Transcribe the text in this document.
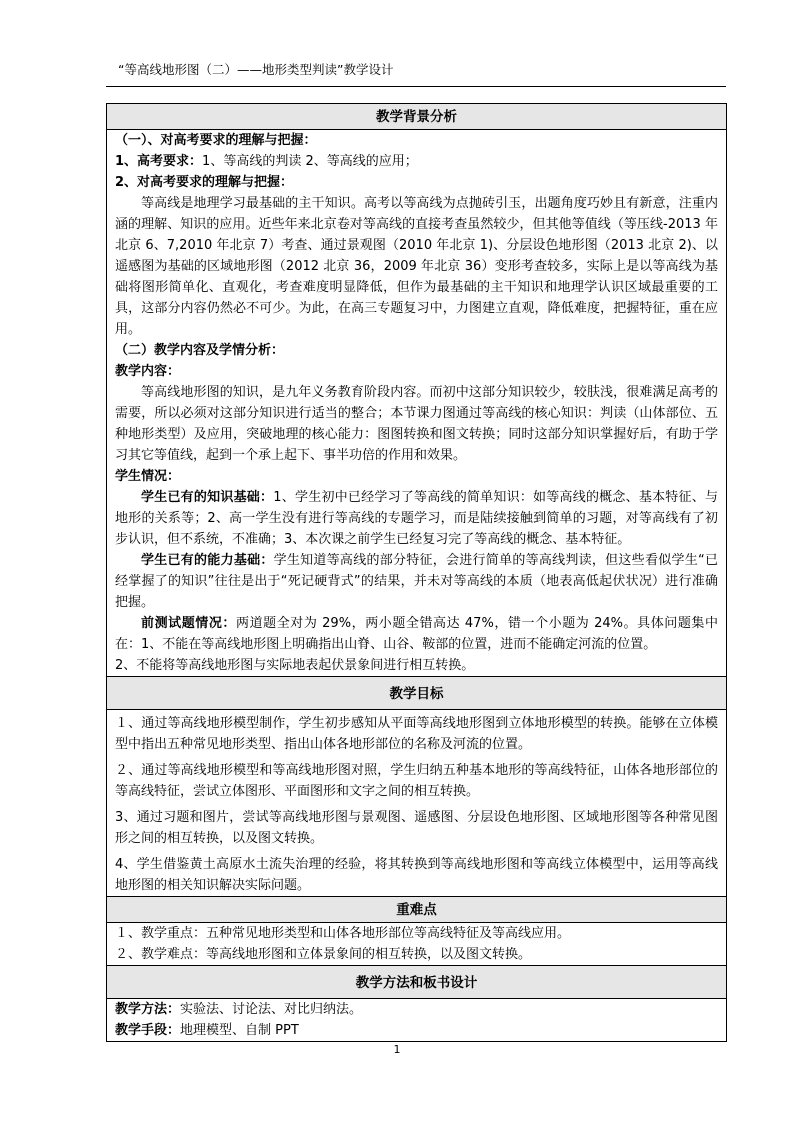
“等高线地形图（二）——地形类型判读”教学设计
教学背景分析

（一）、对高考要求的理解与把握：

1、高考要求：1、等高线的判读 2、等高线的应用；

2、对高考要求的理解与把握：

等高线是地理学习最基础的主干知识。高考以等高线为点抛砖引玉，出题角度巧妙且有新意，注重内涵的理解、知识的应用。近些年来北京卷对等高线的直接考查虽然较少，但其他等值线（等压线-2013 年北京 6、7,2010 年北京 7）考查、通过景观图（2010 年北京 1)、分层设色地形图（2013 北京 2)、以遥感图为基础的区域地形图（2012 北京 36，2009 年北京 36）变形考查较多，实际上是以等高线为基础将图形简单化、直观化，考查难度明显降低，但作为最基础的主干知识和地理学认识区域最重要的工具，这部分内容仍然必不可少。为此，在高三专题复习中，力图建立直观，降低难度，把握特征，重在应用。

（二）教学内容及学情分析：

教学内容：

等高线地形图的知识，是九年义务教育阶段内容。而初中这部分知识较少，较肤浅，很难满足高考的需要，所以必须对这部分知识进行适当的整合；本节课力图通过等高线的核心知识：判读（山体部位、五种地形类型）及应用，突破地理的核心能力：图图转换和图文转换；同时这部分知识掌握好后，有助于学习其它等值线，起到一个承上起下、事半功倍的作用和效果。

学生情况：

学生已有的知识基础：1、学生初中已经学习了等高线的简单知识：如等高线的概念、基本特征、与地形的关系等；2、高一学生没有进行等高线的专题学习，而是陆续接触到简单的习题，对等高线有了初步认识，但不系统，不准确；3、本次课之前学生已经复习完了等高线的概念、基本特征。

学生已有的能力基础：学生知道等高线的部分特征，会进行简单的等高线判读，但这些看似学生“已经掌握了的知识”往往是出于“死记硬背式”的结果，并未对等高线的本质（地表高低起伏状况）进行准确把握。

前测试题情况：两道题全对为 29%，两小题全错高达 47%，错一个小题为 24%。具体问题集中在：1、不能在等高线地形图上明确指出山脊、山谷、鞍部的位置，进而不能确定河流的位置。

2、不能将等高线地形图与实际地表起伏景象间进行相互转换。

教学目标

１、通过等高线地形模型制作，学生初步感知从平面等高线地形图到立体地形模型的转换。能够在立体模型中指出五种常见地形类型、指出山体各地形部位的名称及河流的位置。

２、通过等高线地形模型和等高线地形图对照，学生归纳五种基本地形的等高线特征，山体各地形部位的等高线特征，尝试立体图形、平面图形和文字之间的相互转换。

3、通过习题和图片，尝试等高线地形图与景观图、遥感图、分层设色地形图、区域地形图等各种常见图形之间的相互转换，以及图文转换。

4、学生借鉴黄土高原水土流失治理的经验，将其转换到等高线地形图和等高线立体模型中，运用等高线地形图的相关知识解决实际问题。

重难点

１、教学重点：五种常见地形类型和山体各地形部位等高线特征及等高线应用。

２、教学难点：等高线地形图和立体景象间的相互转换，以及图文转换。

教学方法和板书设计

教学方法：实验法、讨论法、对比归纳法。

教学手段：地理模型、自制 PPT

1
